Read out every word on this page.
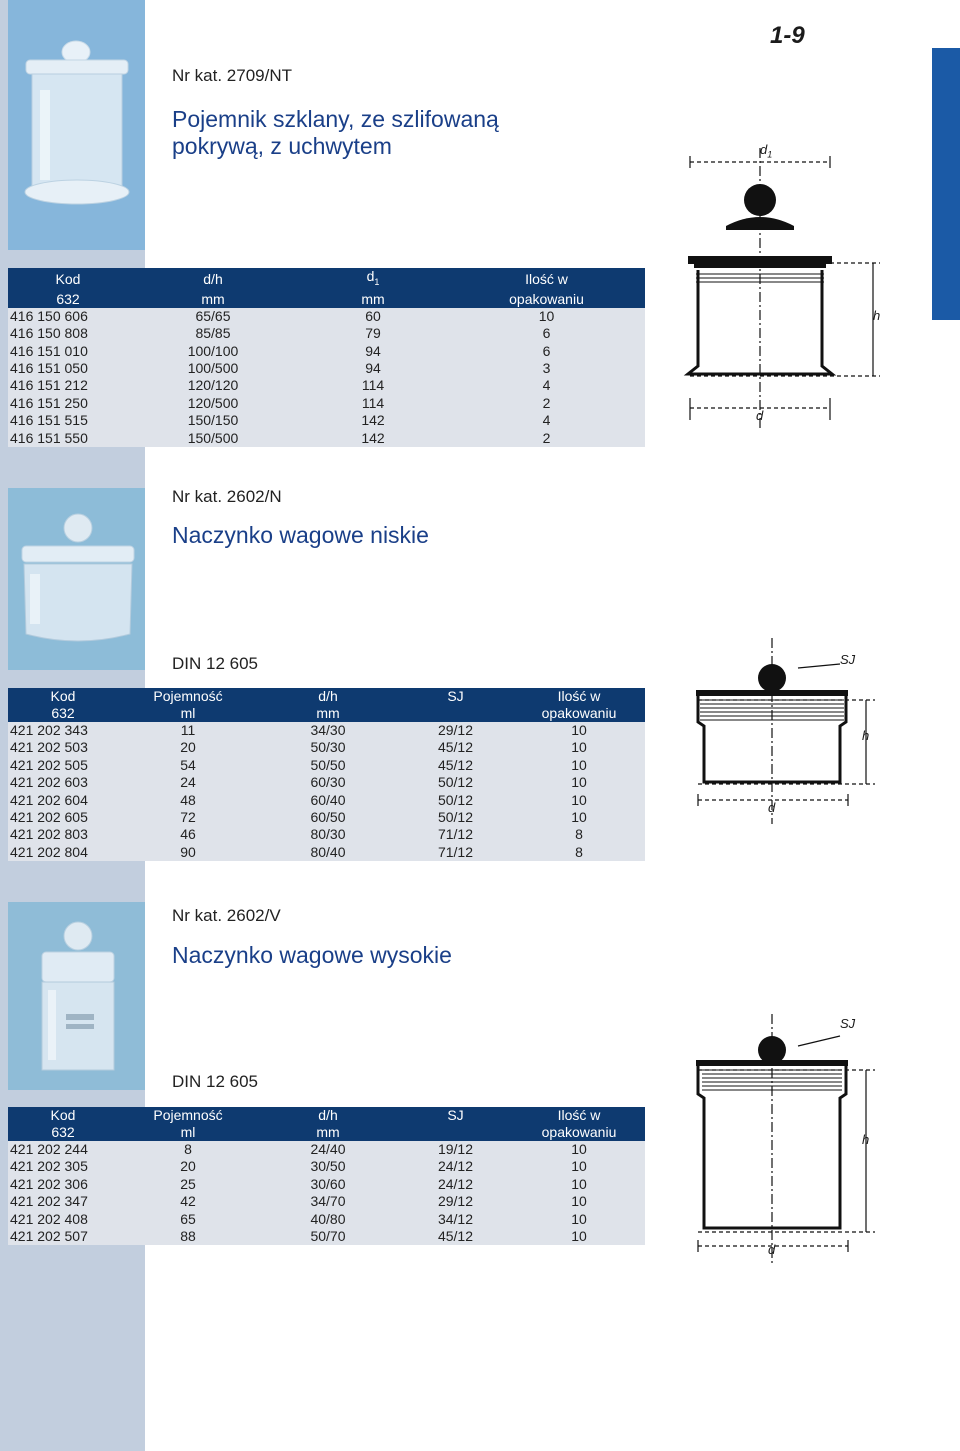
1-9
Nr kat. 2709/NT
Pojemnik szklany, ze szlifowaną
pokrywą, z uchwytem
Kod	d/h	$d_1$	Ilość w
632	mm	mm	opakowaniu
416 150 606	65/65	60	10
416 150 808	85/85	79	6
416 151 010	100/100	94	6
416 151 050	100/500	94	3
416 151 212	120/120	114	4
416 151 250	120/500	114	2
416 151 515	150/150	142	4
416 151 550	150/500	142	2
$d_1$
h
d
Nr kat. 2602/N
Naczynko wagowe niskie
DIN 12 605
Kod	Pojemność	d/h	SJ	Ilość w
632	ml	mm		opakowaniu
421 202 343	11	34/30	29/12	10
421 202 503	20	50/30	45/12	10
421 202 505	54	50/50	45/12	10
421 202 603	24	60/30	50/12	10
421 202 604	48	60/40	50/12	10
421 202 605	72	60/50	50/12	10
421 202 803	46	80/30	71/12	8
421 202 804	90	80/40	71/12	8
SJ
h
d
Nr kat. 2602/V
Naczynko wagowe wysokie
DIN 12 605
Kod	Pojemność	d/h	SJ	Ilość w
632	ml	mm		opakowaniu
421 202 244	8	24/40	19/12	10
421 202 305	20	30/50	24/12	10
421 202 306	25	30/60	24/12	10
421 202 347	42	34/70	29/12	10
421 202 408	65	40/80	34/12	10
421 202 507	88	50/70	45/12	10
SJ
h
d
